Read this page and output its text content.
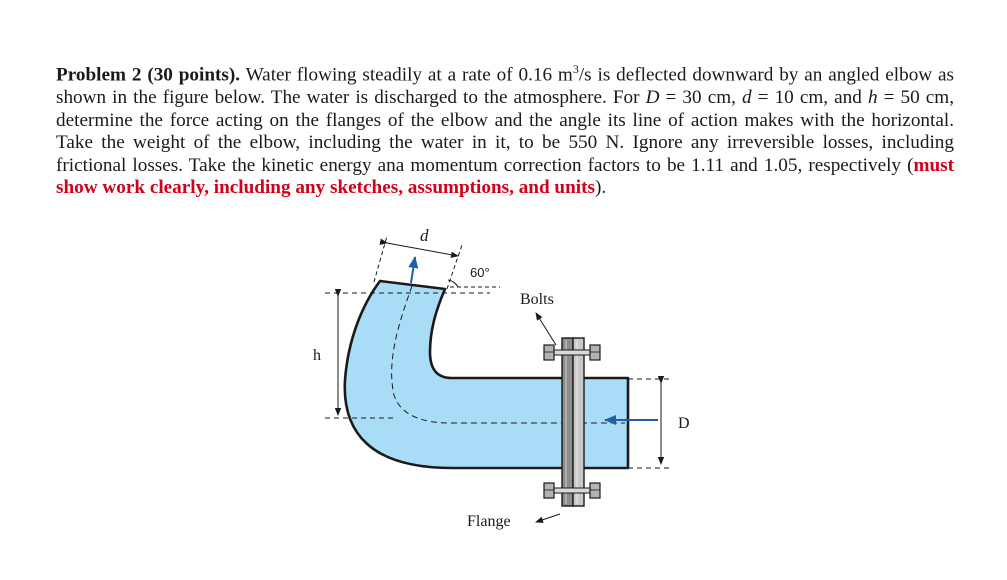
Problem 2 (30 points). Water flowing steadily at a rate of 0.16 $m^3/s$ is deflected downward by an angled elbow as shown in the figure below. The water is discharged to the atmosphere. For D = 30 cm, d = 10 cm, and h = 50 cm, determine the force acting on the flanges of the elbow and the angle its line of action makes with the horizontal. Take the weight of the elbow, including the water in it, to be 550 N. Ignore any irreversible losses, including frictional losses. Take the kinetic energy ana momentum correction factors to be 1.11 and 1.05, respectively (must show work clearly, including any sketches, assumptions, and units).
d
60°
Bolts
h
D
Flange
